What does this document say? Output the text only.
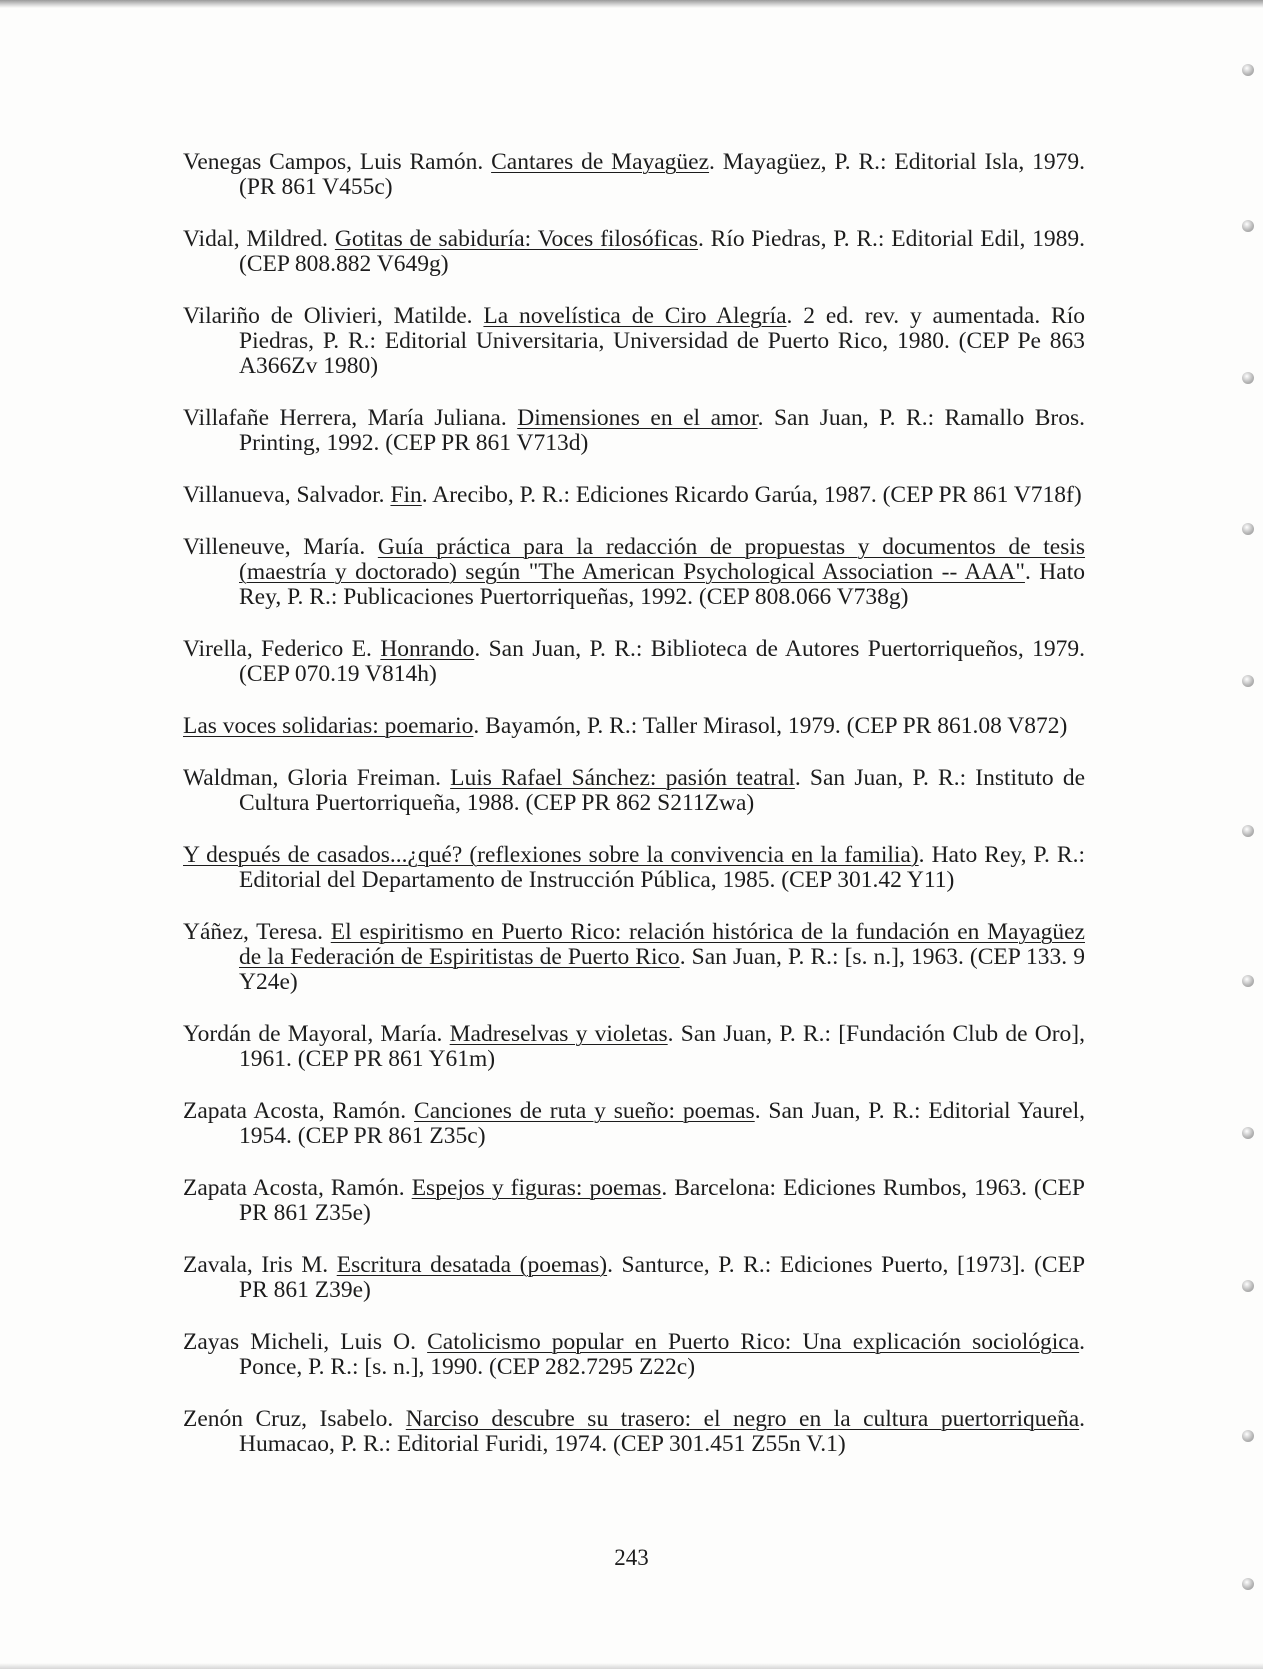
Venegas Campos, Luis Ramón. Cantares de Mayagüez. Mayagüez, P. R.: Editorial Isla, 1979. (PR 861 V455c)

Vidal, Mildred. Gotitas de sabiduría: Voces filosóficas. Río Piedras, P. R.: Editorial Edil, 1989. (CEP 808.882 V649g)

Vilariño de Olivieri, Matilde. La novelística de Ciro Alegría. 2 ed. rev. y aumentada. Río Piedras, P. R.: Editorial Universitaria, Universidad de Puerto Rico, 1980. (CEP Pe 863 A366Zv 1980)

Villafañe Herrera, María Juliana. Dimensiones en el amor. San Juan, P. R.: Ramallo Bros. Printing, 1992. (CEP PR 861 V713d)

Villanueva, Salvador. Fin. Arecibo, P. R.: Ediciones Ricardo Garúa, 1987. (CEP PR 861 V718f)

Villeneuve, María. Guía práctica para la redacción de propuestas y documentos de tesis (maestría y doctorado) según "The American Psychological Association -- AAA". Hato Rey, P. R.: Publicaciones Puertorriqueñas, 1992. (CEP 808.066 V738g)

Virella, Federico E. Honrando. San Juan, P. R.: Biblioteca de Autores Puertorriqueños, 1979. (CEP 070.19 V814h)

Las voces solidarias: poemario. Bayamón, P. R.: Taller Mirasol, 1979. (CEP PR 861.08 V872)

Waldman, Gloria Freiman. Luis Rafael Sánchez: pasión teatral. San Juan, P. R.: Instituto de Cultura Puertorriqueña, 1988. (CEP PR 862 S211Zwa)

Y después de casados...¿qué? (reflexiones sobre la convivencia en la familia). Hato Rey, P. R.: Editorial del Departamento de Instrucción Pública, 1985. (CEP 301.42 Y11)

Yáñez, Teresa. El espiritismo en Puerto Rico: relación histórica de la fundación en Mayagüez de la Federación de Espiritistas de Puerto Rico. San Juan, P. R.: [s. n.], 1963. (CEP 133. 9 Y24e)

Yordán de Mayoral, María. Madreselvas y violetas. San Juan, P. R.: [Fundación Club de Oro], 1961. (CEP PR 861 Y61m)

Zapata Acosta, Ramón. Canciones de ruta y sueño: poemas. San Juan, P. R.: Editorial Yaurel, 1954. (CEP PR 861 Z35c)

Zapata Acosta, Ramón. Espejos y figuras: poemas. Barcelona: Ediciones Rumbos, 1963. (CEP PR 861 Z35e)

Zavala, Iris M. Escritura desatada (poemas). Santurce, P. R.: Ediciones Puerto, [1973]. (CEP PR 861 Z39e)

Zayas Micheli, Luis O. Catolicismo popular en Puerto Rico: Una explicación sociológica. Ponce, P. R.: [s. n.], 1990. (CEP 282.7295 Z22c)

Zenón Cruz, Isabelo. Narciso descubre su trasero: el negro en la cultura puertorriqueña. Humacao, P. R.: Editorial Furidi, 1974. (CEP 301.451 Z55n V.1)

243
